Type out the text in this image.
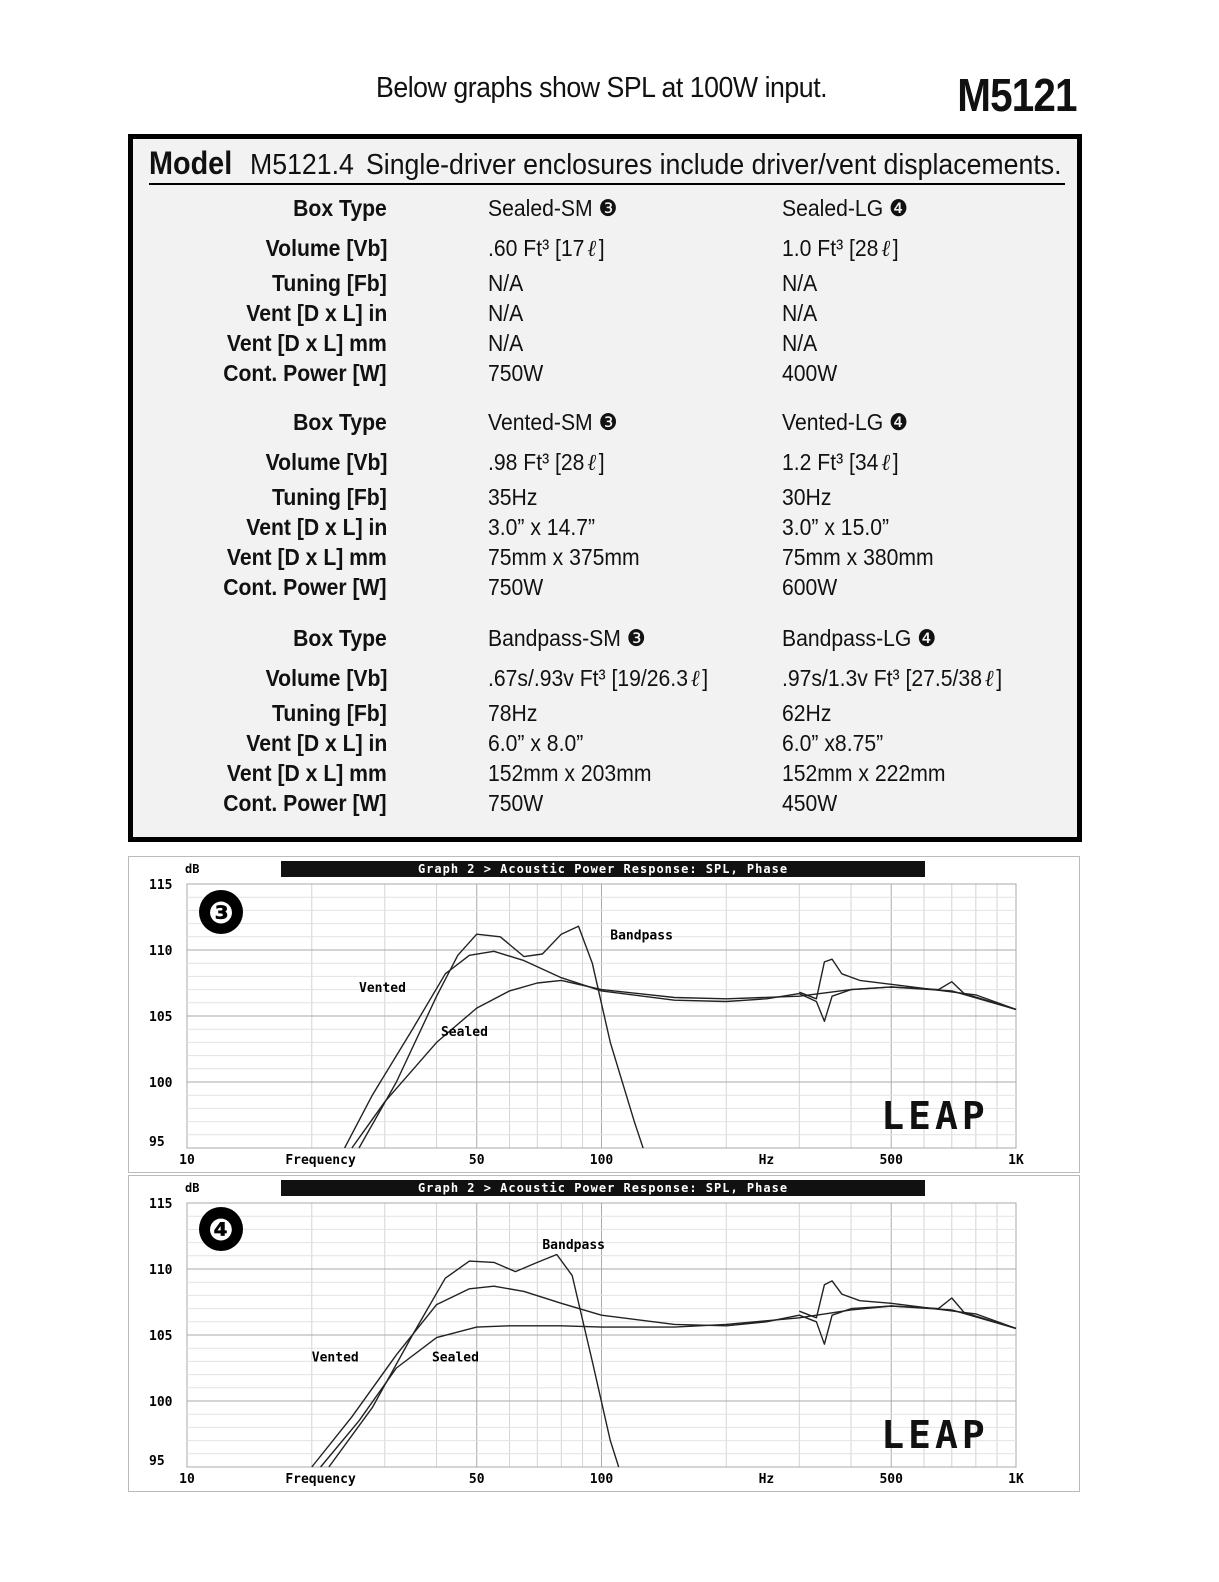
Below graphs show SPL at 100W input.	M5121
Model M5121.4 Single-driver enclosures include driver/vent displacements.
Box Type	Sealed-SM ❸	Sealed-LG ❹
Volume [Vb]	.60 Ft³ [17 ℓ ]	1.0 Ft³ [28 ℓ ]
Tuning [Fb]	N/A	N/A
Vent [D x L] in	N/A	N/A
Vent [D x L] mm	N/A	N/A
Cont. Power [W]	750W	400W
Box Type	Vented-SM ❸	Vented-LG ❹
Volume [Vb]	.98 Ft³ [28 ℓ ]	1.2 Ft³ [34 ℓ ]
Tuning [Fb]	35Hz	30Hz
Vent [D x L] in	3.0” x 14.7”	3.0” x 15.0”
Vent [D x L] mm	75mm x 375mm	75mm x 380mm
Cont. Power [W]	750W	600W
Box Type	Bandpass-SM ❸	Bandpass-LG ❹
Volume [Vb]	.67s/.93v Ft³ [19/26.3 ℓ ]	.97s/1.3v Ft³ [27.5/38 ℓ ]
Tuning [Fb]	78Hz	62Hz
Vent [D x L] in	6.0” x 8.0”	6.0” x8.75”
Vent [D x L] mm	152mm x 203mm	152mm x 222mm
Cont. Power [W]	750W	450W
Graph 2 > Acoustic Power Response: SPL, Phase
dB
115
110
105
100
95
10	50	100	500	1K
Frequency	Hz
Bandpass
Vented
Sealed
❸
LEAP
Graph 2 > Acoustic Power Response: SPL, Phase
dB
115
110
105
100
95
10	50	100	500	1K
Frequency	Hz
Bandpass
Vented	Sealed
❹
LEAP
